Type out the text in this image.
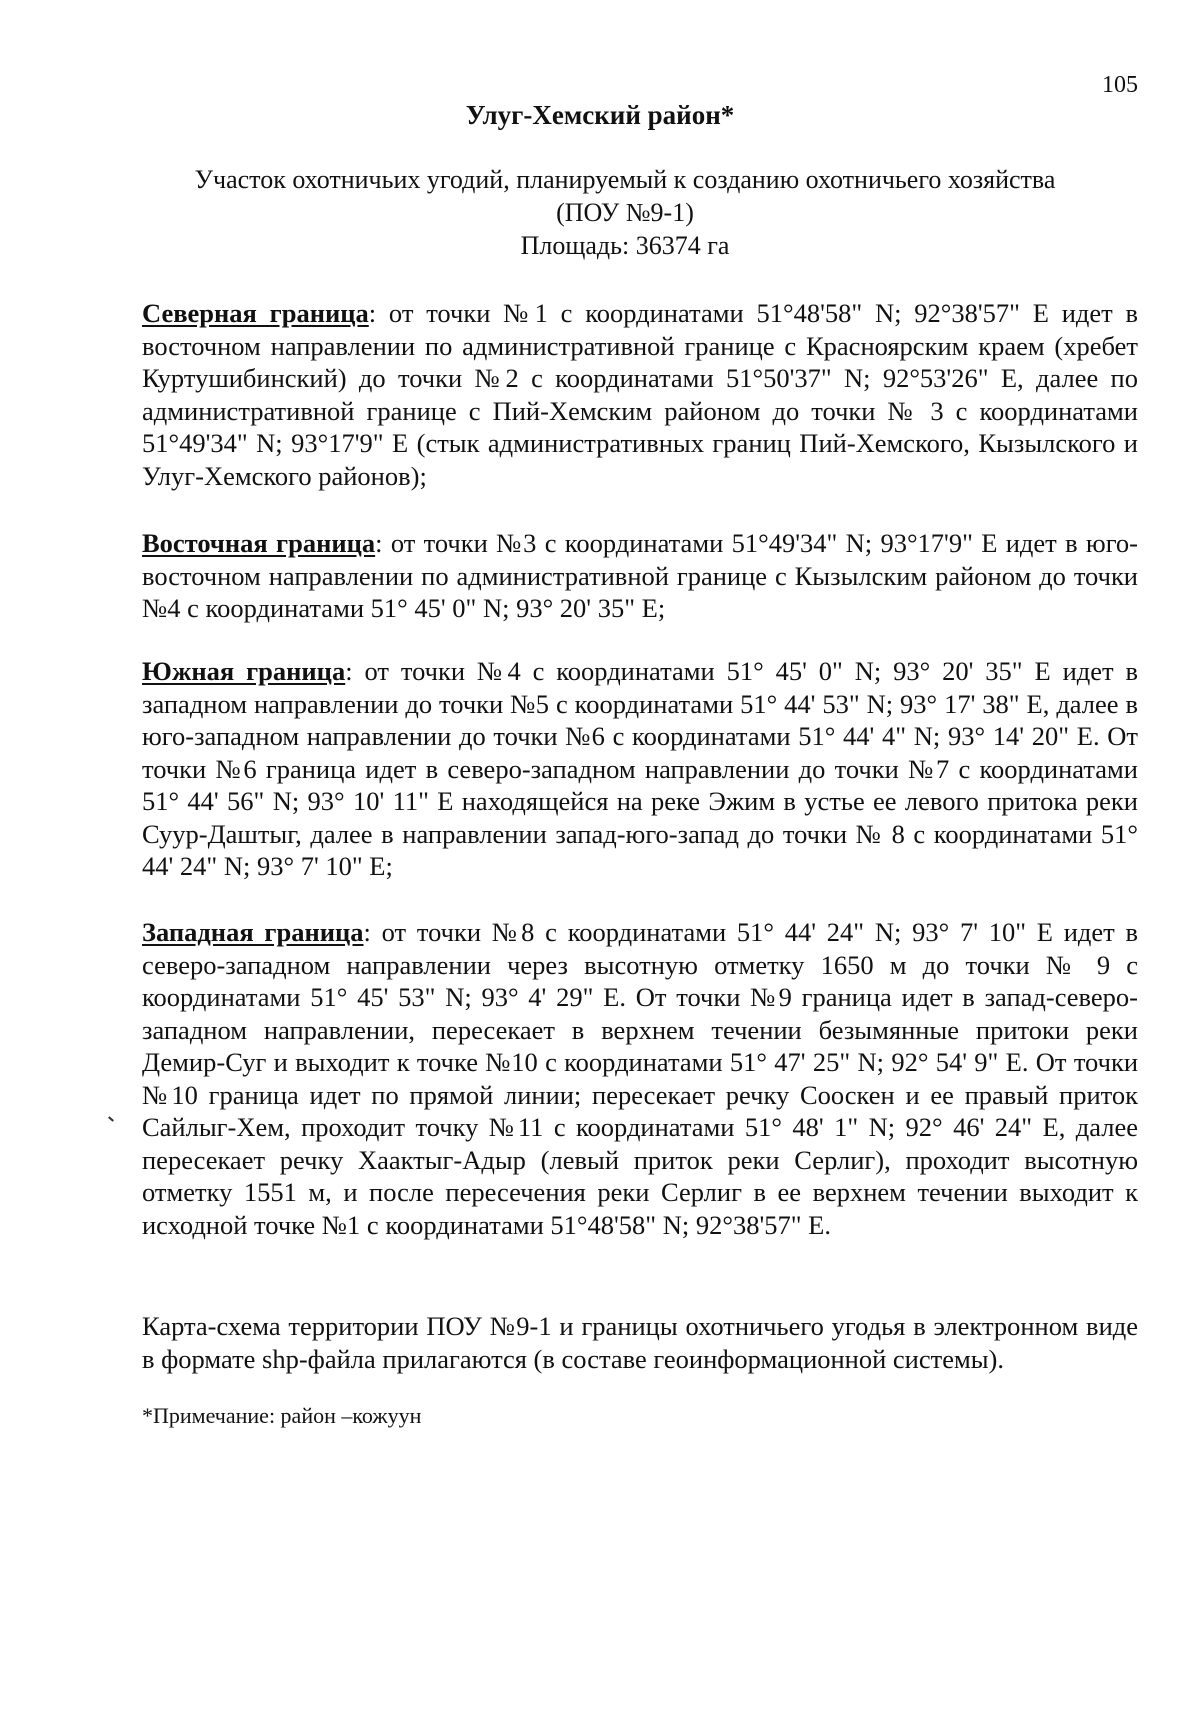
105
Улуг-Хемский район*
Участок охотничьих угодий, планируемый к созданию охотничьего хозяйства
(ПОУ №9-1)
Площадь: 36374 га
Северная граница: от точки №1 с координатами 51°48'58" N; 92°38'57" E идет в восточном направлении по административной границе с Красноярским краем (хребет Куртушибинский) до точки №2 с координатами 51°50'37" N; 92°53'26" E, далее по административной границе с Пий-Хемским районом до точки № 3 с координатами 51°49'34" N; 93°17'9" E (стык административных границ Пий-Хемского, Кызылского и Улуг-Хемского районов);
Восточная граница: от точки №3 с координатами 51°49'34" N; 93°17'9" E идет в юго-восточном направлении по административной границе с Кызылским районом до точки №4 с координатами 51° 45' 0" N; 93° 20' 35" E;
Южная граница: от точки №4 с координатами 51° 45' 0" N; 93° 20' 35" E идет в западном направлении до точки №5 с координатами 51° 44' 53" N; 93° 17' 38" E, далее в юго-западном направлении до точки №6 с координатами 51° 44' 4" N; 93° 14' 20" E. От точки №6 граница идет в северо-западном направлении до точки №7 с координатами 51° 44' 56" N; 93° 10' 11" E находящейся на реке Эжим в устье ее левого притока реки Суур-Даштыг, далее в направлении запад-юго-запад до точки № 8 с координатами 51° 44' 24" N; 93° 7' 10" E;
Западная граница: от точки №8 с координатами 51° 44' 24" N; 93° 7' 10" E идет в северо-западном направлении через высотную отметку 1650 м до точки № 9 с координатами 51° 45' 53" N; 93° 4' 29" E. От точки №9 граница идет в запад-северо-западном направлении, пересекает в верхнем течении безымянные притоки реки Демир-Суг и выходит к точке №10 с координатами 51° 47' 25" N; 92° 54' 9" E. От точки №10 граница идет по прямой линии; пересекает речку Сооскен и ее правый приток Сайлыг-Хем, проходит точку №11 с координатами 51° 48' 1" N; 92° 46' 24" E, далее пересекает речку Хаактыг-Адыр (левый приток реки Серлиг), проходит высотную отметку 1551 м, и после пересечения реки Серлиг в ее верхнем течении выходит к исходной точке №1 с координатами 51°48'58" N; 92°38'57" E.
Карта-схема территории ПОУ №9-1 и границы охотничьего угодья в электронном виде в формате shp-файла прилагаются (в составе геоинформационной системы).
*Примечание: район –кожуун
